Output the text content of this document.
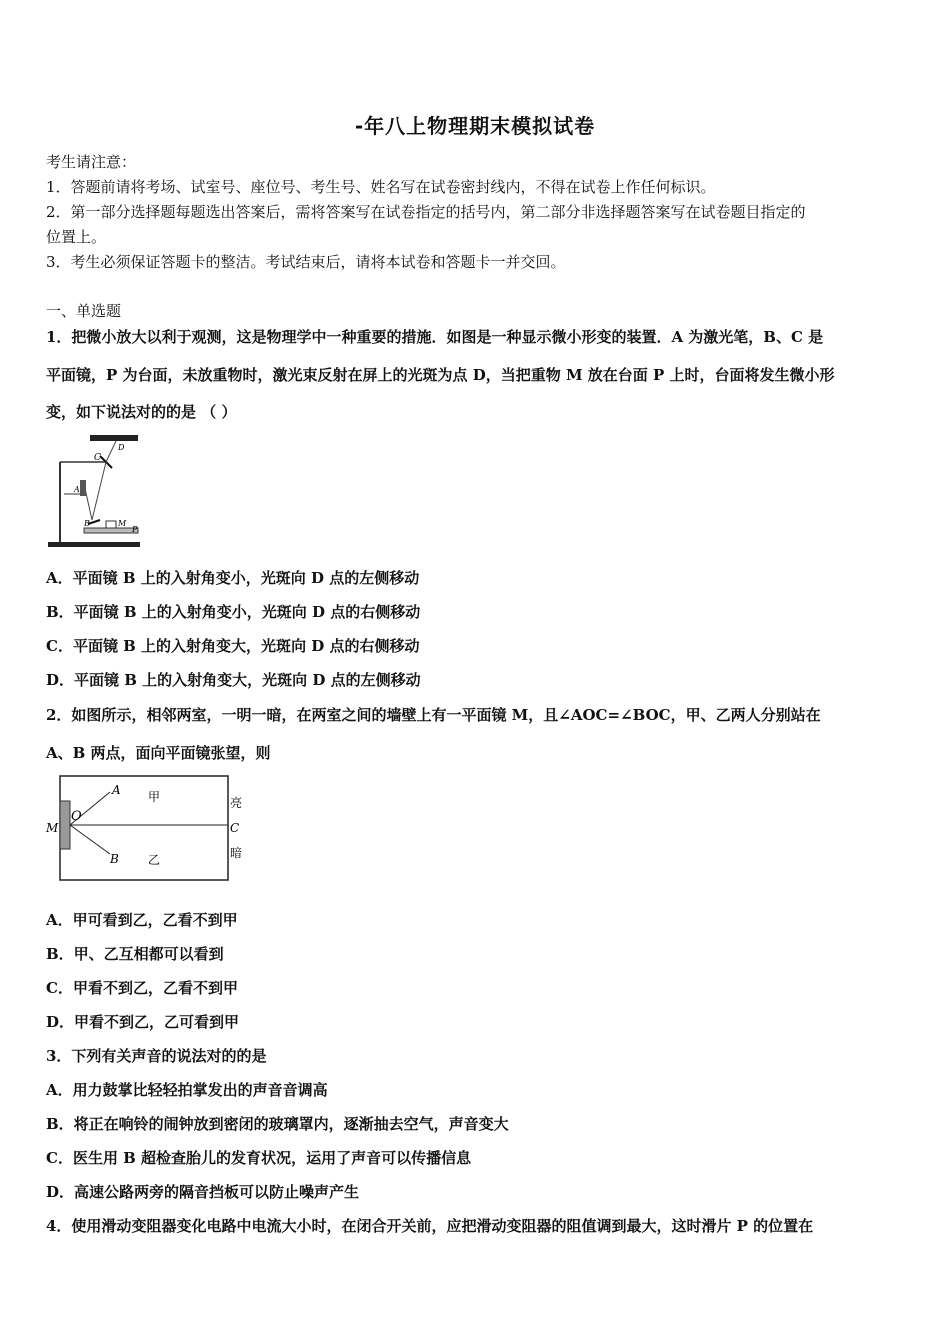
-年八上物理期末模拟试卷
考生请注意：
1．答题前请将考场、试室号、座位号、考生号、姓名写在试卷密封线内，不得在试卷上作任何标识。
2．第一部分选择题每题选出答案后，需将答案写在试卷指定的括号内，第二部分非选择题答案写在试卷题目指定的
位置上。
3．考生必须保证答题卡的整洁。考试结束后，请将本试卷和答题卡一并交回。
一、单选题
1．把微小放大以利于观测，这是物理学中一种重要的措施．如图是一种显示微小形变的装置．A 为激光笔，B、C 是
平面镜，P 为台面，未放重物时，激光束反射在屏上的光斑为点 D，当把重物 M 放在台面 P 上时，台面将发生微小形
变，如下说法对的的是 （ ）
C
D
A
B	M
P
A．平面镜 B 上的入射角变小，光斑向 D 点的左侧移动
B．平面镜 B 上的入射角变小，光斑向 D 点的右侧移动
C．平面镜 B 上的入射角变大，光斑向 D 点的右侧移动
D．平面镜 B 上的入射角变大，光斑向 D 点的左侧移动
2．如图所示，相邻两室，一明一暗，在两室之间的墙壁上有一平面镜 M，且∠AOC=∠BOC，甲、乙两人分别站在
A、B 两点，面向平面镜张望，则
A 甲	亮
M
O
C
B 乙	暗
A．甲可看到乙，乙看不到甲
B．甲、乙互相都可以看到
C．甲看不到乙，乙看不到甲
D．甲看不到乙，乙可看到甲
3．下列有关声音的说法对的的是
A．用力鼓掌比轻轻拍掌发出的声音音调高
B．将正在响铃的闹钟放到密闭的玻璃罩内，逐渐抽去空气，声音变大
C．医生用 B 超检查胎儿的发育状况，运用了声音可以传播信息
D．高速公路两旁的隔音挡板可以防止噪声产生
4．使用滑动变阻器变化电路中电流大小时，在闭合开关前，应把滑动变阻器的阻值调到最大，这时滑片 P 的位置在
